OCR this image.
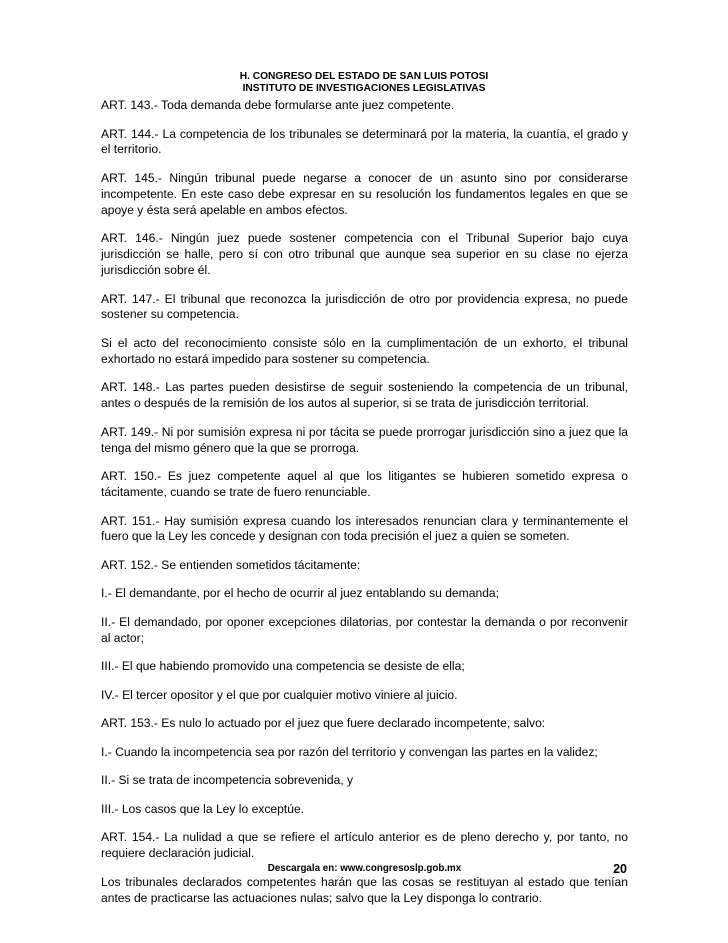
H. CONGRESO DEL ESTADO DE SAN LUIS POTOSI
INSTITUTO DE INVESTIGACIONES LEGISLATIVAS

ART. 143.- Toda demanda debe formularse ante juez competente.

ART. 144.- La competencia de los tribunales se determinará por la materia, la cuantía, el grado y el territorio.

ART. 145.- Ningún tribunal puede negarse a conocer de un asunto sino por considerarse incompetente. En este caso debe expresar en su resolución los fundamentos legales en que se apoye y ésta será apelable en ambos efectos.

ART. 146.- Ningún juez puede sostener competencia con el Tribunal Superior bajo cuya jurisdicción se halle, pero sí con otro tribunal que aunque sea superior en su clase no ejerza jurisdicción sobre él.

ART. 147.- El tribunal que reconozca la jurisdicción de otro por providencia expresa, no puede sostener su competencia.

Si el acto del reconocimiento consiste sólo en la cumplimentación de un exhorto, el tribunal exhortado no estará impedido para sostener su competencia.

ART. 148.- Las partes pueden desistirse de seguir sosteniendo la competencia de un tribunal, antes o después de la remisión de los autos al superior, si se trata de jurisdicción territorial.

ART. 149.- Ni por sumisión expresa ni por tácita se puede prorrogar jurisdicción sino a juez que la tenga del mismo género que la que se prorroga.

ART. 150.- Es juez competente aquel al que los litigantes se hubieren sometido expresa o tácitamente, cuando se trate de fuero renunciable.

ART. 151.- Hay sumisión expresa cuando los interesados renuncian clara y terminantemente el fuero que la Ley les concede y designan con toda precisión el juez a quien se someten.

ART. 152.- Se entienden sometidos tácitamente:

I.- El demandante, por el hecho de ocurrir al juez entablando su demanda;

II.- El demandado, por oponer excepciones dilatorias, por contestar la demanda o por reconvenir al actor;

III.- El que habiendo promovido una competencia se desiste de ella;

IV.- El tercer opositor y el que por cualquier motivo viniere al juicio.

ART. 153.- Es nulo lo actuado por el juez que fuere declarado incompetente, salvo:

I.- Cuando la incompetencia sea por razón del territorio y convengan las partes en la validez;

II.- Si se trata de incompetencia sobrevenida, y

III.- Los casos que la Ley lo exceptúe.

ART. 154.- La nulidad a que se refiere el artículo anterior es de pleno derecho y, por tanto, no requiere declaración judicial.

Los tribunales declarados competentes harán que las cosas se restituyan al estado que tenían antes de practicarse las actuaciones nulas; salvo que la Ley disponga lo contrario.

Descargala en: www.congresoslp.gob.mx	20
